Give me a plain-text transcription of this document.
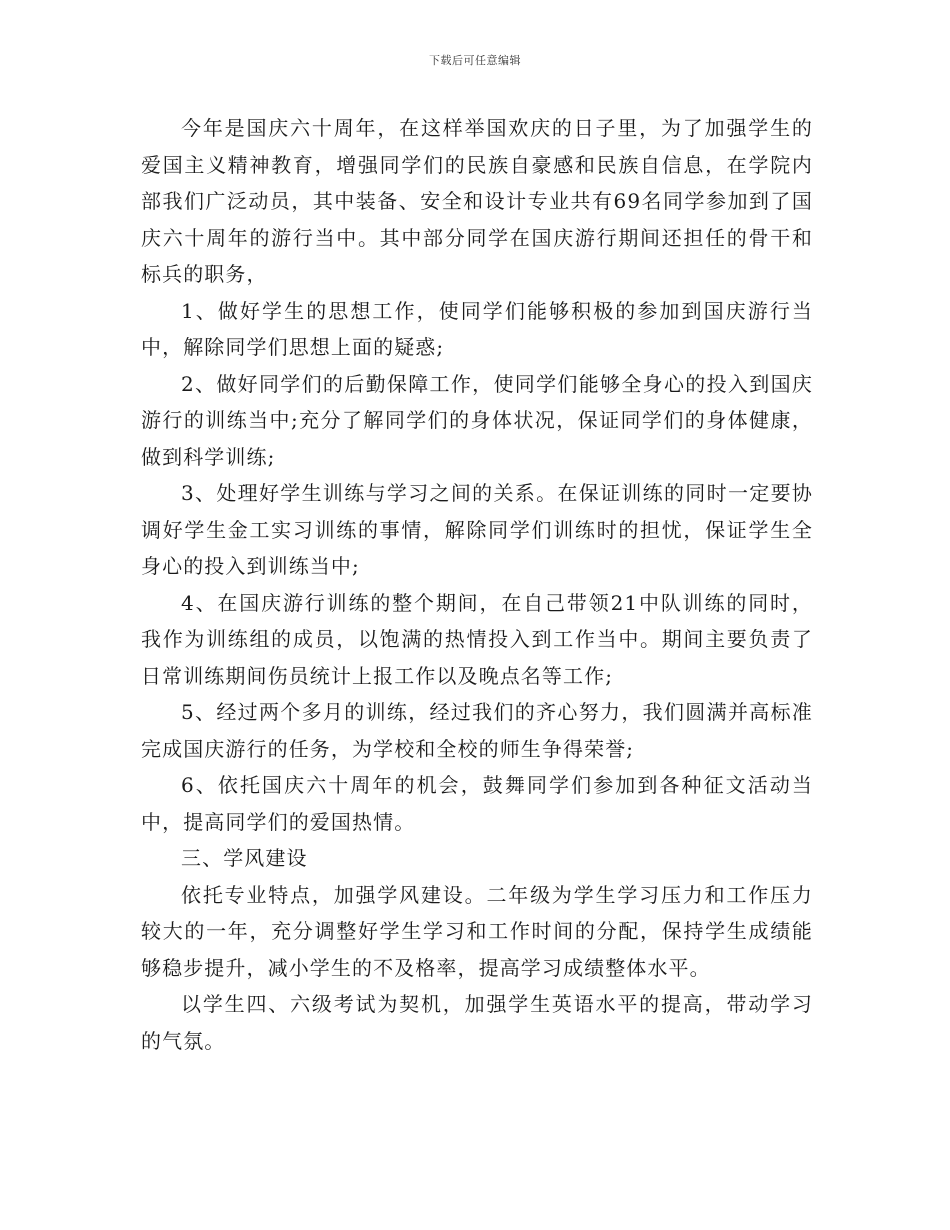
下载后可任意编辑

今年是国庆六十周年，在这样举国欢庆的日子里，为了加强学生的爱国主义精神教育，增强同学们的民族自豪感和民族自信息，在学院内部我们广泛动员，其中装备、安全和设计专业共有69名同学参加到了国庆六十周年的游行当中。其中部分同学在国庆游行期间还担任的骨干和标兵的职务，

1、做好学生的思想工作，使同学们能够积极的参加到国庆游行当中，解除同学们思想上面的疑惑;

2、做好同学们的后勤保障工作，使同学们能够全身心的投入到国庆游行的训练当中;充分了解同学们的身体状况，保证同学们的身体健康，做到科学训练;

3、处理好学生训练与学习之间的关系。在保证训练的同时一定要协调好学生金工实习训练的事情，解除同学们训练时的担忧，保证学生全身心的投入到训练当中;

4、在国庆游行训练的整个期间，在自己带领21中队训练的同时，我作为训练组的成员，以饱满的热情投入到工作当中。期间主要负责了日常训练期间伤员统计上报工作以及晚点名等工作;

5、经过两个多月的训练，经过我们的齐心努力，我们圆满并高标准完成国庆游行的任务，为学校和全校的师生争得荣誉;

6、依托国庆六十周年的机会，鼓舞同学们参加到各种征文活动当中，提高同学们的爱国热情。

三、学风建设

依托专业特点，加强学风建设。二年级为学生学习压力和工作压力较大的一年，充分调整好学生学习和工作时间的分配，保持学生成绩能够稳步提升，减小学生的不及格率，提高学习成绩整体水平。

以学生四、六级考试为契机，加强学生英语水平的提高，带动学习的气氛。
